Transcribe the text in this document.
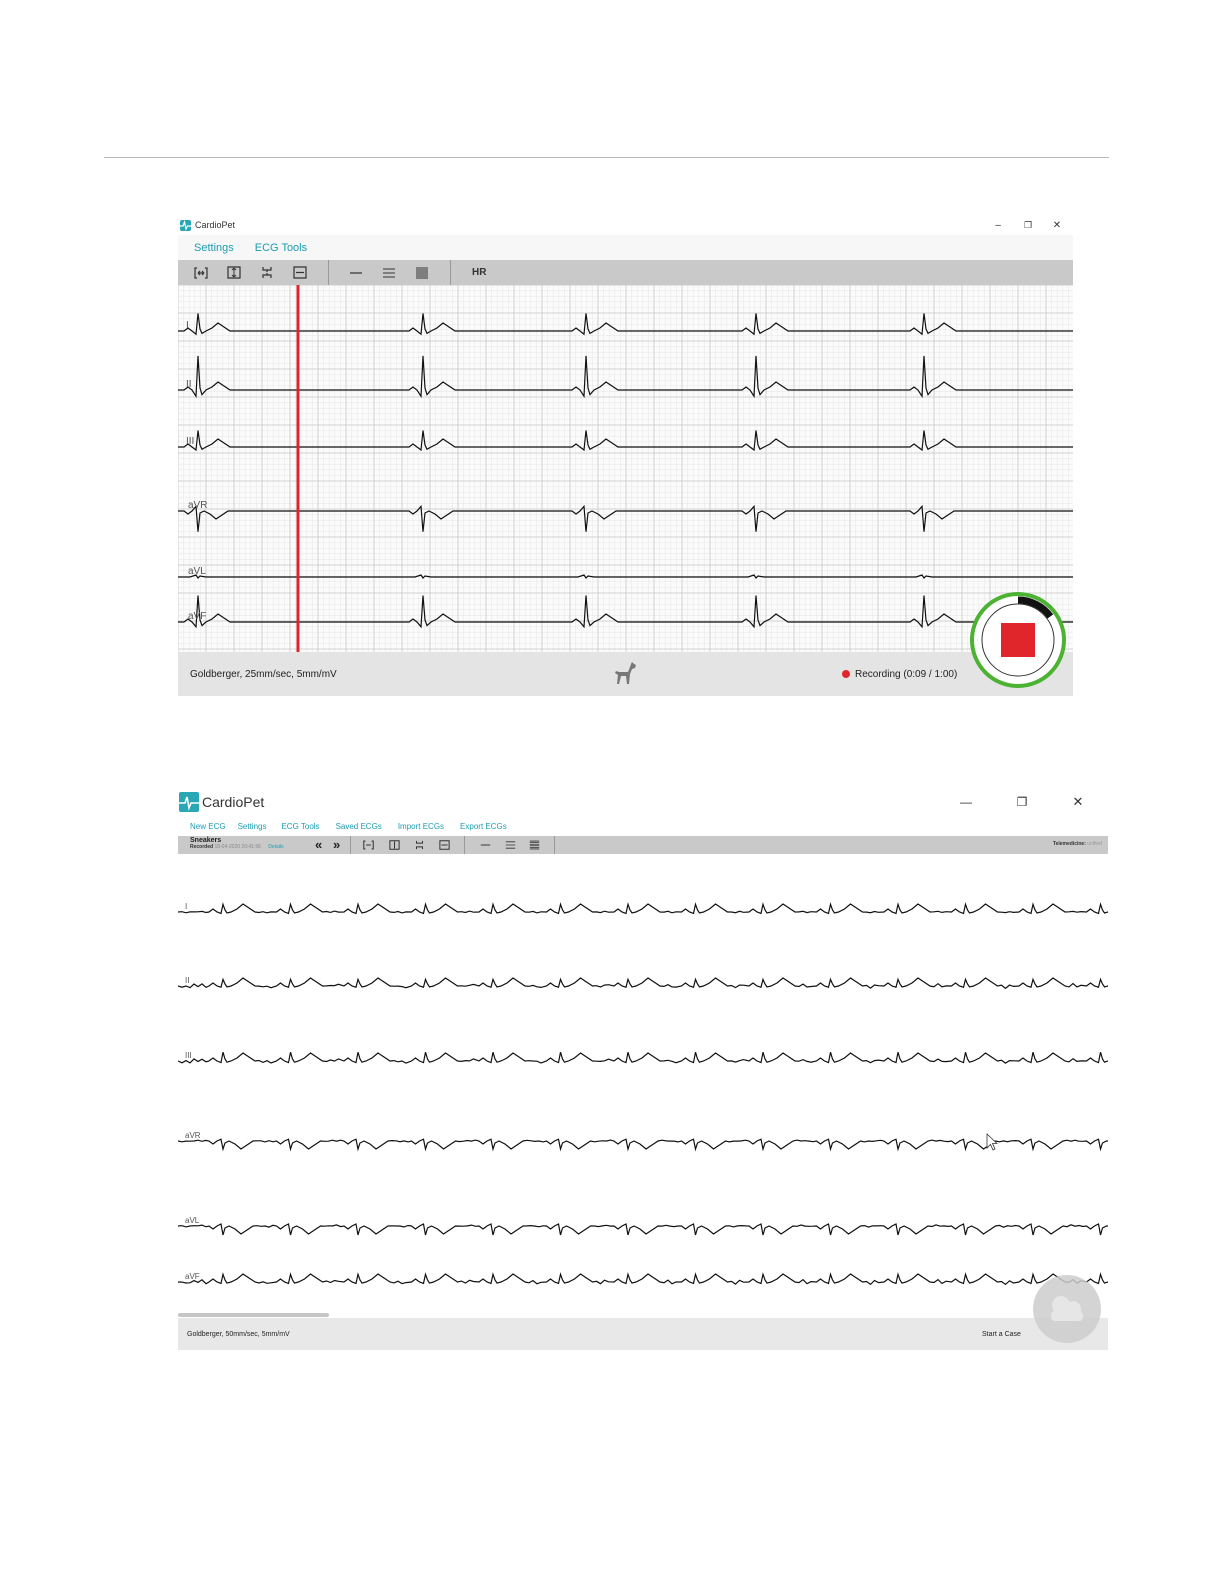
CardioPet	–	❐	✕
Settings ECG Tools
HR
I
II
III
aVR
aVL
aVF
Goldberger, 25mm/sec, 5mm/mV	Recording (0:09 / 1:00)
CardioPet	—	❐	✕
New ECG Settings ECG Tools Saved ECGs Import ECGs Export ECGs
Sneakers
Recorded 18-04-2020 20:41:56 Details « »	Telemedicine: unified
I
II
III
aVR
aVL
aVF
Goldberger, 50mm/sec, 5mm/mV	Start a Case
